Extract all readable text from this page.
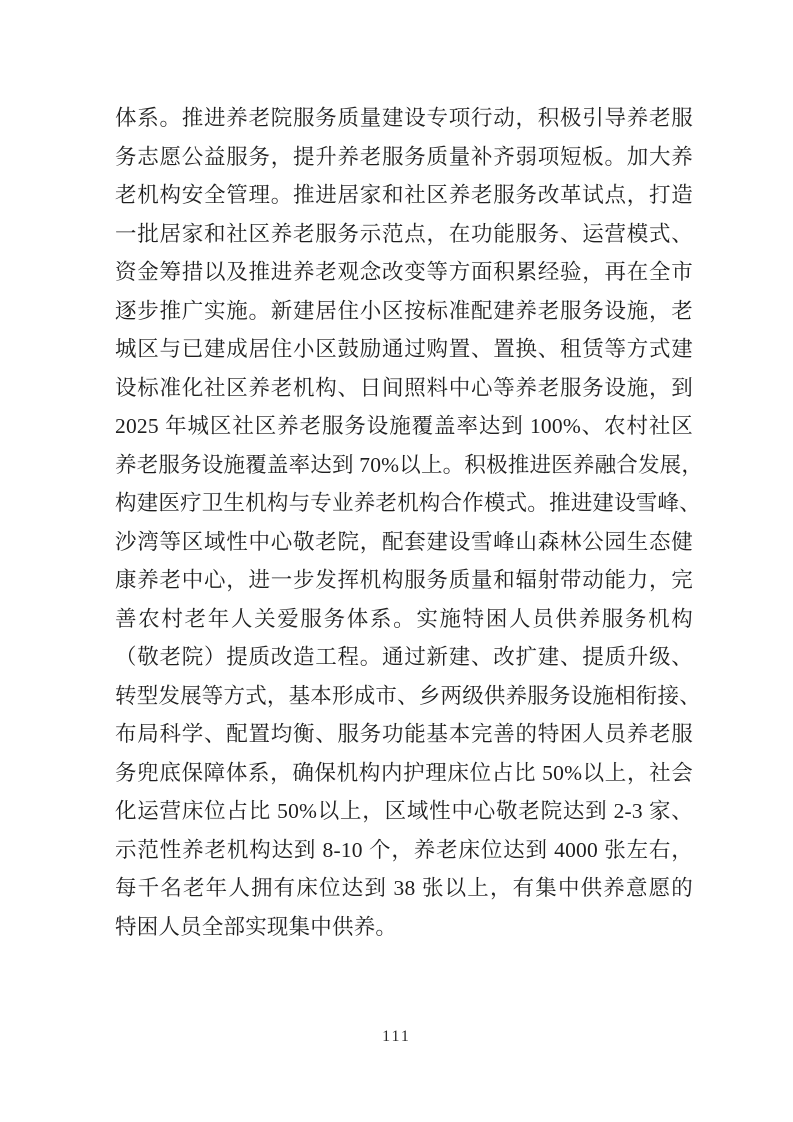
体系。推进养老院服务质量建设专项行动，积极引导养老服
务志愿公益服务，提升养老服务质量补齐弱项短板。加大养
老机构安全管理。推进居家和社区养老服务改革试点，打造
一批居家和社区养老服务示范点，在功能服务、运营模式、
资金筹措以及推进养老观念改变等方面积累经验，再在全市
逐步推广实施。新建居住小区按标准配建养老服务设施，老
城区与已建成居住小区鼓励通过购置、置换、租赁等方式建
设标准化社区养老机构、日间照料中心等养老服务设施，到
2025 年城区社区养老服务设施覆盖率达到 100%、农村社区
养老服务设施覆盖率达到 70%以上。积极推进医养融合发展，
构建医疗卫生机构与专业养老机构合作模式。推进建设雪峰、
沙湾等区域性中心敬老院，配套建设雪峰山森林公园生态健
康养老中心，进一步发挥机构服务质量和辐射带动能力，完
善农村老年人关爱服务体系。实施特困人员供养服务机构
（敬老院）提质改造工程。通过新建、改扩建、提质升级、
转型发展等方式，基本形成市、乡两级供养服务设施相衔接、
布局科学、配置均衡、服务功能基本完善的特困人员养老服
务兜底保障体系，确保机构内护理床位占比 50%以上，社会
化运营床位占比 50%以上，区域性中心敬老院达到 2-3 家、
示范性养老机构达到 8-10 个，养老床位达到 4000 张左右，
每千名老年人拥有床位达到 38 张以上，有集中供养意愿的
特困人员全部实现集中供养。
111
